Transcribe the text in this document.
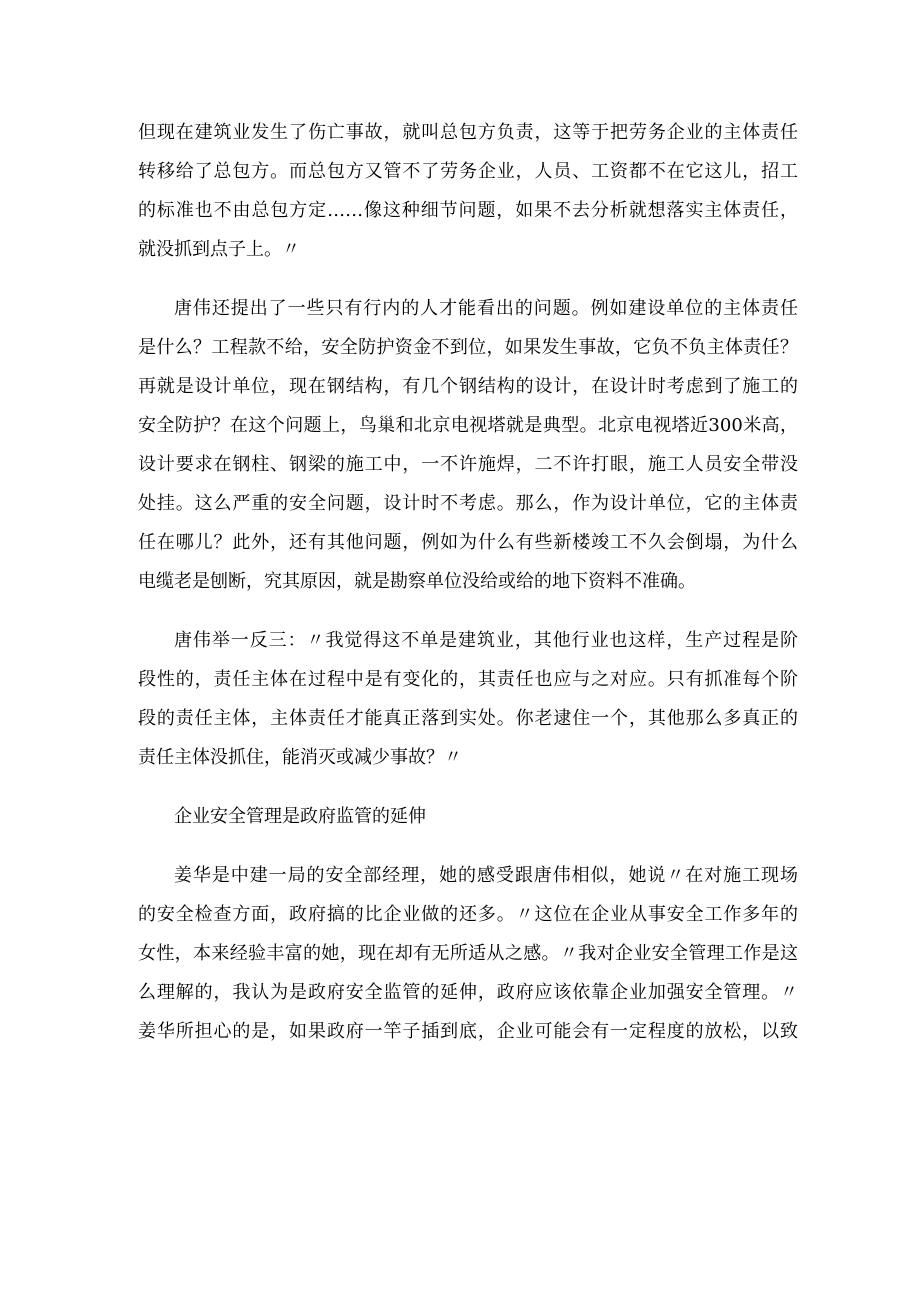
但现在建筑业发生了伤亡事故，就叫总包方负责，这等于把劳务企业的主体责任
转移给了总包方。而总包方又管不了劳务企业，人员、工资都不在它这儿，招工
的标准也不由总包方定……像这种细节问题，如果不去分析就想落实主体责任，
就没抓到点子上。〃
唐伟还提出了一些只有行内的人才能看出的问题。例如建设单位的主体责任
是什么？工程款不给，安全防护资金不到位，如果发生事故，它负不负主体责任？
再就是设计单位，现在钢结构，有几个钢结构的设计，在设计时考虑到了施工的
安全防护？在这个问题上，鸟巢和北京电视塔就是典型。北京电视塔近300米高，
设计要求在钢柱、钢梁的施工中，一不许施焊，二不许打眼，施工人员安全带没
处挂。这么严重的安全问题，设计时不考虑。那么，作为设计单位，它的主体责
任在哪儿？此外，还有其他问题，例如为什么有些新楼竣工不久会倒塌，为什么
电缆老是刨断，究其原因，就是勘察单位没给或给的地下资料不准确。
唐伟举一反三：〃我觉得这不单是建筑业，其他行业也这样，生产过程是阶
段性的，责任主体在过程中是有变化的，其责任也应与之对应。只有抓准每个阶
段的责任主体，主体责任才能真正落到实处。你老逮住一个，其他那么多真正的
责任主体没抓住，能消灭或减少事故？〃
企业安全管理是政府监管的延伸
姜华是中建一局的安全部经理，她的感受跟唐伟相似，她说〃在对施工现场
的安全检查方面，政府搞的比企业做的还多。〃这位在企业从事安全工作多年的
女性，本来经验丰富的她，现在却有无所适从之感。〃我对企业安全管理工作是这
么理解的，我认为是政府安全监管的延伸，政府应该依靠企业加强安全管理。〃
姜华所担心的是，如果政府一竿子插到底，企业可能会有一定程度的放松，以致
